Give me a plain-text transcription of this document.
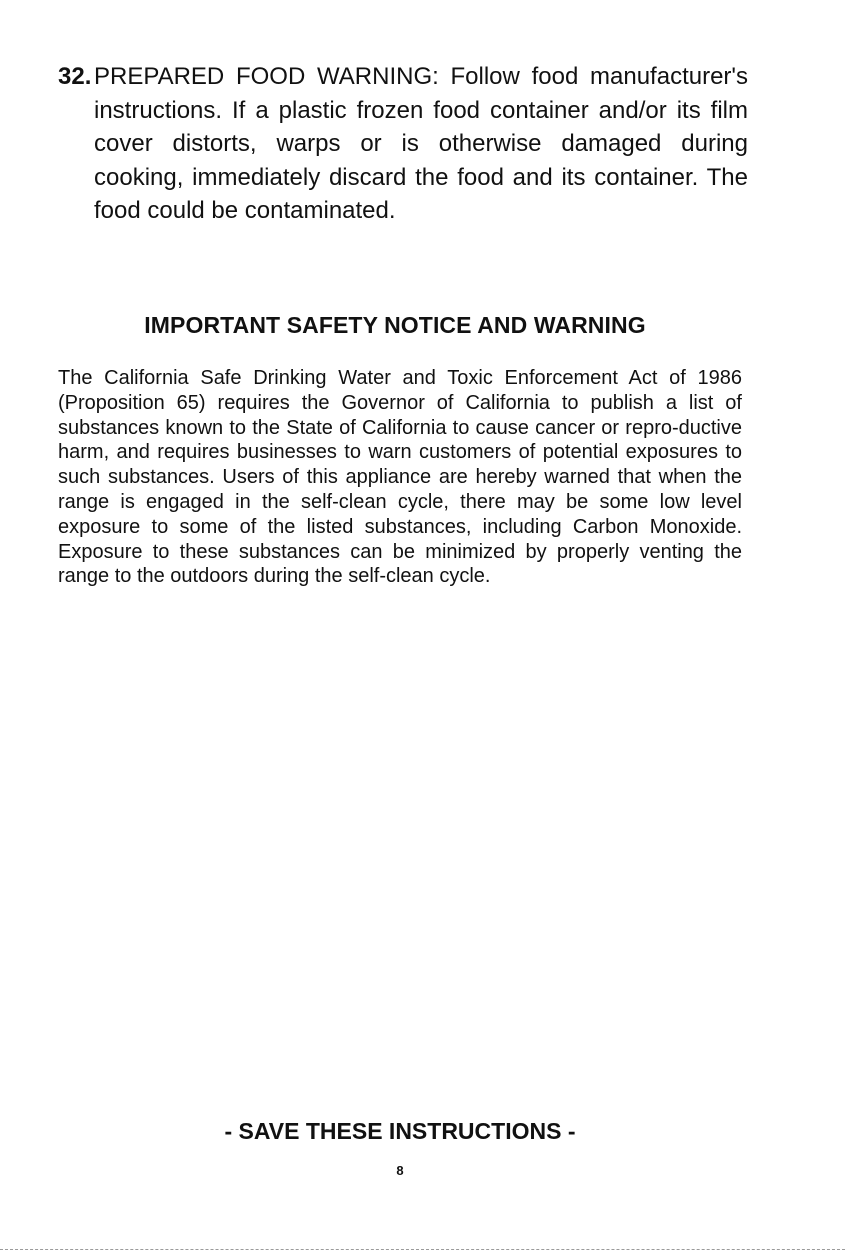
32. PREPARED FOOD WARNING: Follow food manufacturer's instructions. If a plastic frozen food container and/or its film cover distorts, warps or is otherwise damaged during cooking, immediately discard the food and its container. The food could be contaminated.
IMPORTANT SAFETY NOTICE AND WARNING
The California Safe Drinking Water and Toxic Enforcement Act of 1986 (Proposition 65) requires the Governor of California to publish a list of substances known to the State of California to cause cancer or repro-ductive harm, and requires businesses to warn customers of potential exposures to such substances. Users of this appliance are hereby warned that when the range is engaged in the self-clean cycle, there may be some low level exposure to some of the listed substances, including Carbon Monoxide. Exposure to these substances can be minimized by properly venting the range to the outdoors during the self-clean cycle.
- SAVE THESE INSTRUCTIONS -
8
